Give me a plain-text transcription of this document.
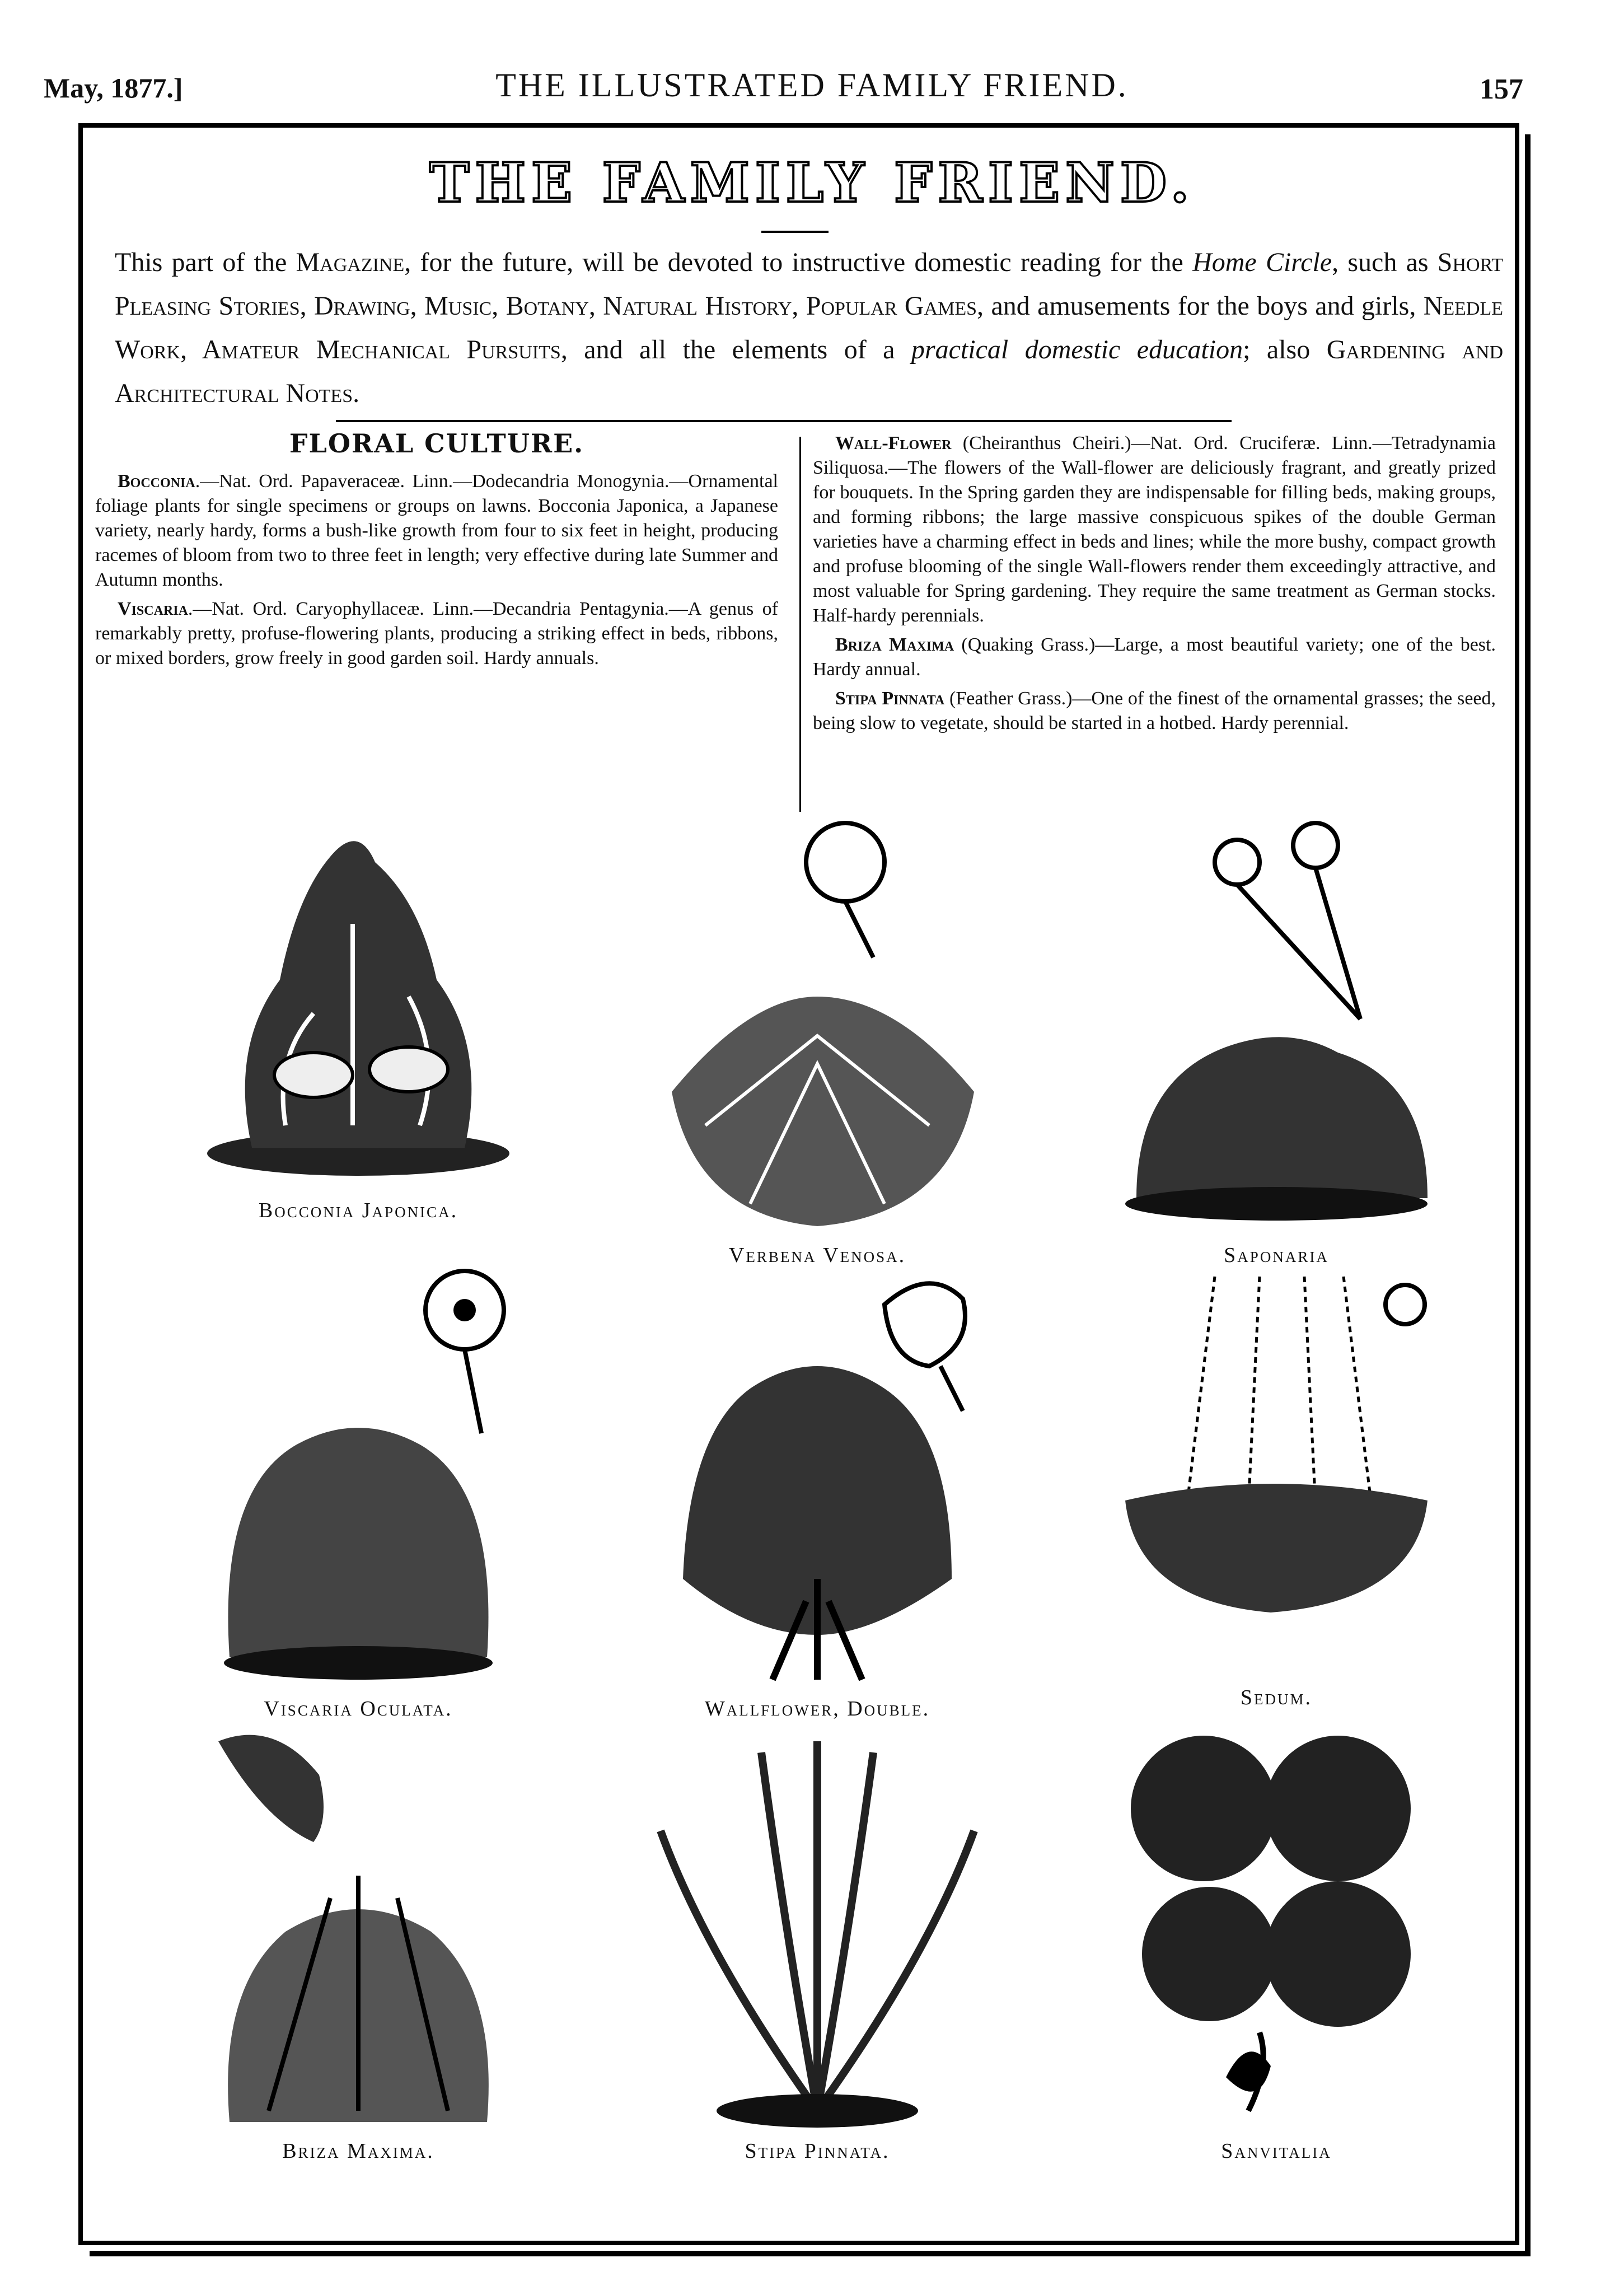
May, 1877.]	THE ILLUSTRATED FAMILY FRIEND.	157
THE FAMILY FRIEND.
This part of the Magazine, for the future, will be devoted to instructive domestic reading for the Home Circle, such as Short Pleasing Stories, Drawing, Music, Botany, Natural History, Popular Games, and amusements for the boys and girls, Needle Work, Amateur Mechanical Pursuits, and all the elements of a practical domestic education; also Gardening and Architectural Notes.
FLORAL CULTURE.

Bocconia.—Nat. Ord. Papaveraceæ. Linn.—Dodecandria Monogynia.—Ornamental foliage plants for single specimens or groups on lawns. Bocconia Japonica, a Japanese variety, nearly hardy, forms a bush-like growth from four to six feet in height, producing racemes of bloom from two to three feet in length; very effective during late Summer and Autumn months.

Viscaria.—Nat. Ord. Caryophyllaceæ. Linn.—Decandria Pentagynia.—A genus of remarkably pretty, profuse-flowering plants, producing a striking effect in beds, ribbons, or mixed borders, grow freely in good garden soil. Hardy annuals.

Wall-Flower (Cheiranthus Cheiri.)—Nat. Ord. Cruciferæ. Linn.—Tetradynamia Siliquosa.—The flowers of the Wall-flower are deliciously fragrant, and greatly prized for bouquets. In the Spring garden they are indispensable for filling beds, making groups, and forming ribbons; the large massive conspicuous spikes of the double German varieties have a charming effect in beds and lines; while the more bushy, compact growth and profuse blooming of the single Wall-flowers render them exceedingly attractive, and most valuable for Spring gardening. They require the same treatment as German stocks. Half-hardy perennials.

Briza Maxima (Quaking Grass.)—Large, a most beautiful variety; one of the best. Hardy annual.

Stipa Pinnata (Feather Grass.)—One of the finest of the ornamental grasses; the seed, being slow to vegetate, should be started in a hotbed. Hardy perennial.

Bocconia Japonica.
Verbena Venosa.	Saponaria
Viscaria Oculata.	Wallflower, Double.	Sedum.
Briza Maxima.	Stipa Pinnata.	Sanvitalia
